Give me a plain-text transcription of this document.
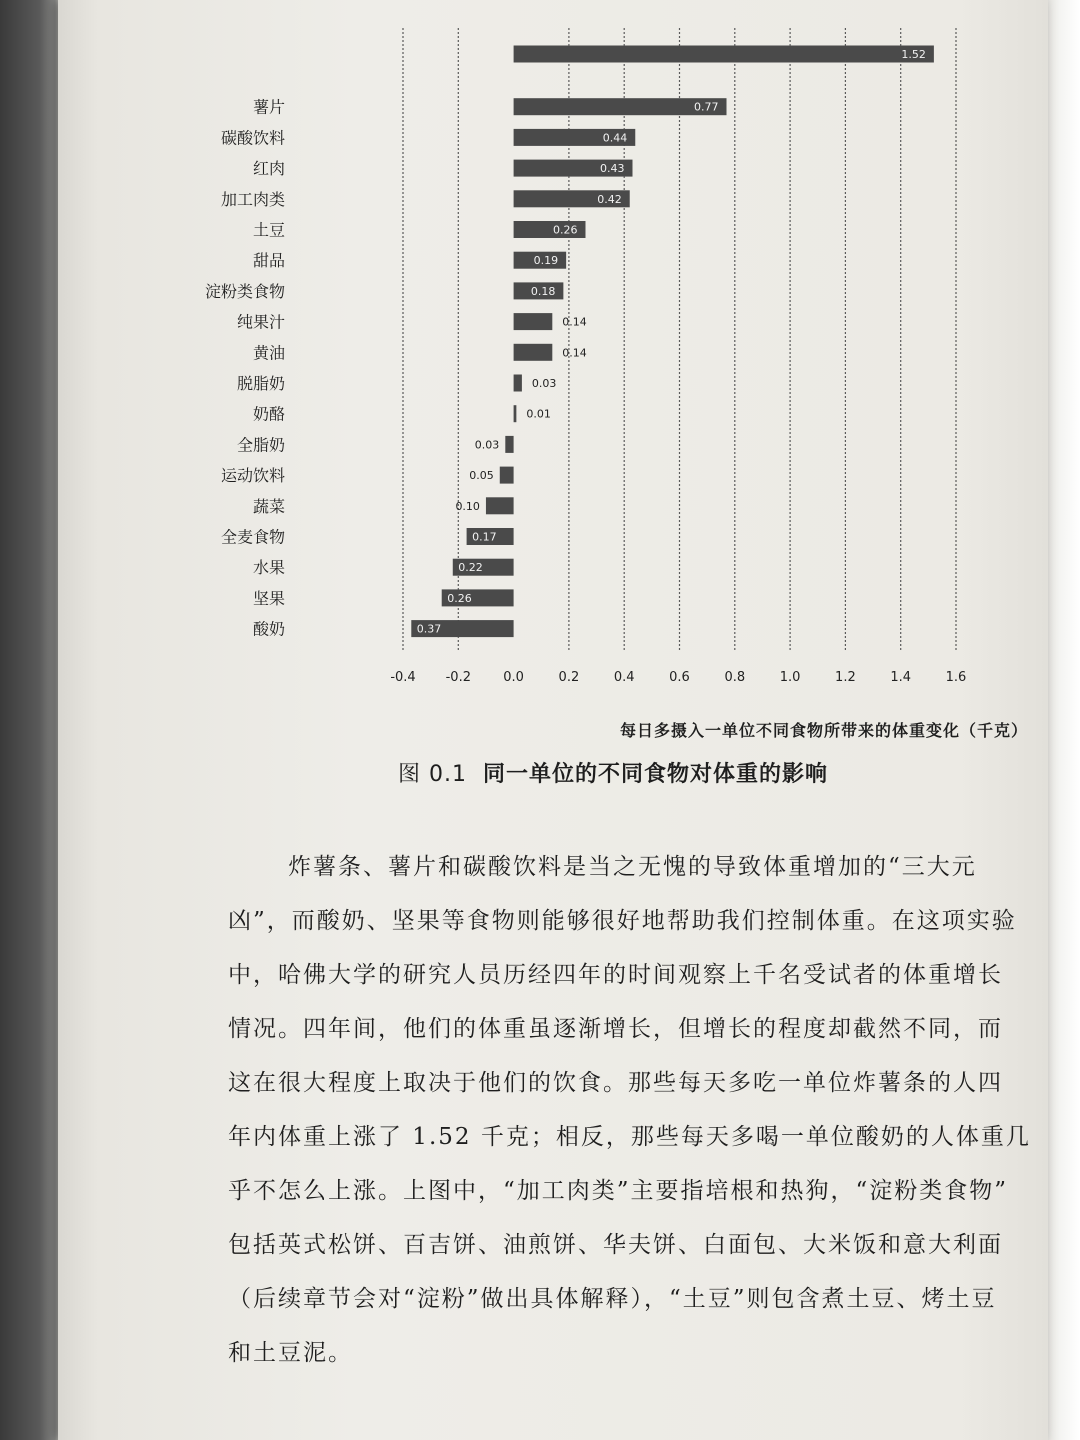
-0.4 -0.2 0.0	0.2	0.4	0.6	0.8	1.0	1.2	1.4	1.6
1.52
0.77
薯片
0.44
碳酸饮料
0.43
红肉
0.42
加工肉类
0.26
土豆
0.19
甜品
0.18
淀粉类食物
0.14
纯果汁
0.14
黄油
0.03
脱脂奶
0.01
奶酪
0.03
全脂奶
0.05
运动饮料
0.10
蔬菜
0.17
全麦食物
0.22
水果
0.26
坚果
0.37
酸奶
每日多摄入一单位不同食物所带来的体重变化（千克）
图 0.1 同一单位的不同食物对体重的影响
炸薯条、薯片和碳酸饮料是当之无愧的导致体重增加的“三大元
凶”，而酸奶、坚果等食物则能够很好地帮助我们控制体重。在这项实验
中，哈佛大学的研究人员历经四年的时间观察上千名受试者的体重增长
情况。四年间，他们的体重虽逐渐增长，但增长的程度却截然不同，而
这在很大程度上取决于他们的饮食。那些每天多吃一单位炸薯条的人四
年内体重上涨了 1.52 千克；相反，那些每天多喝一单位酸奶的人体重几
乎不怎么上涨。上图中，“加工肉类”主要指培根和热狗，“淀粉类食物”
包括英式松饼、百吉饼、油煎饼、华夫饼、白面包、大米饭和意大利面
（后续章节会对“淀粉”做出具体解释），“土豆”则包含煮土豆、烤土豆
和土豆泥。
